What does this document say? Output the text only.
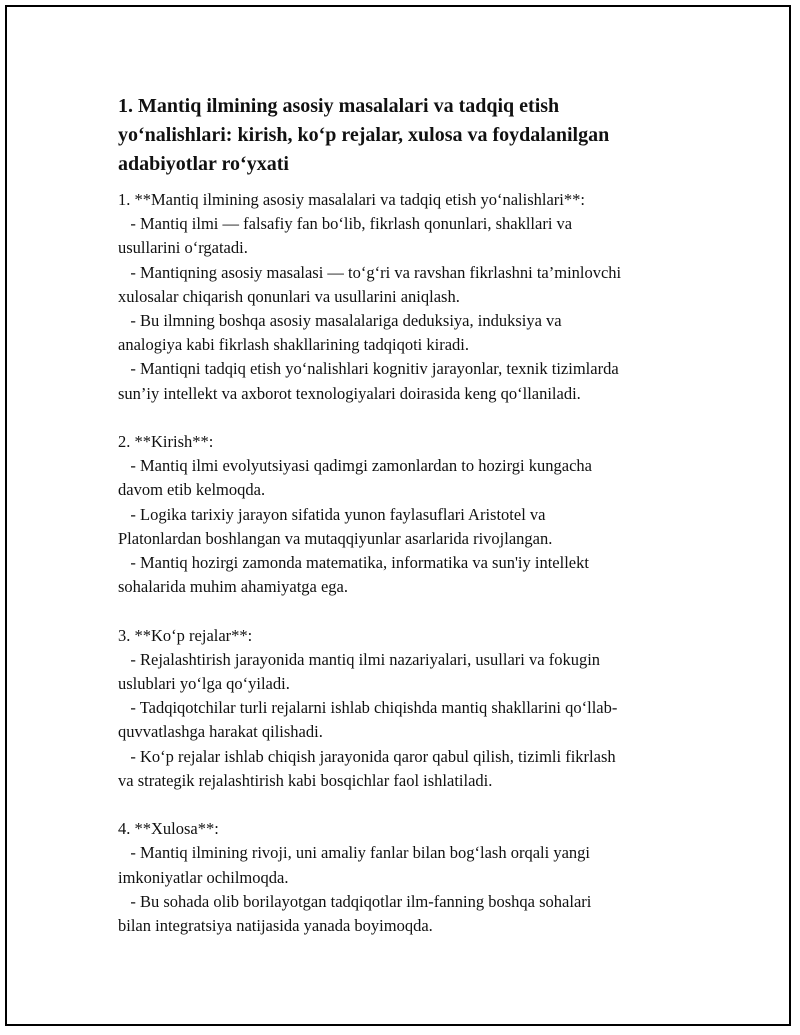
1. Mantiq ilmining asosiy masalalari va tadqiq etish
yo‘nalishlari: kirish, ko‘p rejalar, xulosa va foydalanilgan
adabiyotlar ro‘yxati
1. **Mantiq ilmining asosiy masalalari va tadqiq etish yo‘nalishlari**:
- Mantiq ilmi — falsafiy fan bo‘lib, fikrlash qonunlari, shakllari va
usullarini o‘rgatadi.
- Mantiqning asosiy masalasi — to‘g‘ri va ravshan fikrlashni ta’minlovchi
xulosalar chiqarish qonunlari va usullarini aniqlash.
- Bu ilmning boshqa asosiy masalalariga deduksiya, induksiya va
analogiya kabi fikrlash shakllarining tadqiqoti kiradi.
- Mantiqni tadqiq etish yo‘nalishlari kognitiv jarayonlar, texnik tizimlarda
sun’iy intellekt va axborot texnologiyalari doirasida keng qo‘llaniladi.
2. **Kirish**:
- Mantiq ilmi evolyutsiyasi qadimgi zamonlardan to hozirgi kungacha
davom etib kelmoqda.
- Logika tarixiy jarayon sifatida yunon faylasuflari Aristotel va
Platonlardan boshlangan va mutaqqiyunlar asarlarida rivojlangan.
- Mantiq hozirgi zamonda matematika, informatika va sun'iy intellekt
sohalarida muhim ahamiyatga ega.
3. **Ko‘p rejalar**:
- Rejalashtirish jarayonida mantiq ilmi nazariyalari, usullari va fokugin
uslublari yo‘lga qo‘yiladi.
- Tadqiqotchilar turli rejalarni ishlab chiqishda mantiq shakllarini qo‘llab-
quvvatlashga harakat qilishadi.
- Ko‘p rejalar ishlab chiqish jarayonida qaror qabul qilish, tizimli fikrlash
va strategik rejalashtirish kabi bosqichlar faol ishlatiladi.
4. **Xulosa**:
- Mantiq ilmining rivoji, uni amaliy fanlar bilan bog‘lash orqali yangi
imkoniyatlar ochilmoqda.
- Bu sohada olib borilayotgan tadqiqotlar ilm-fanning boshqa sohalari
bilan integratsiya natijasida yanada boyimoqda.
